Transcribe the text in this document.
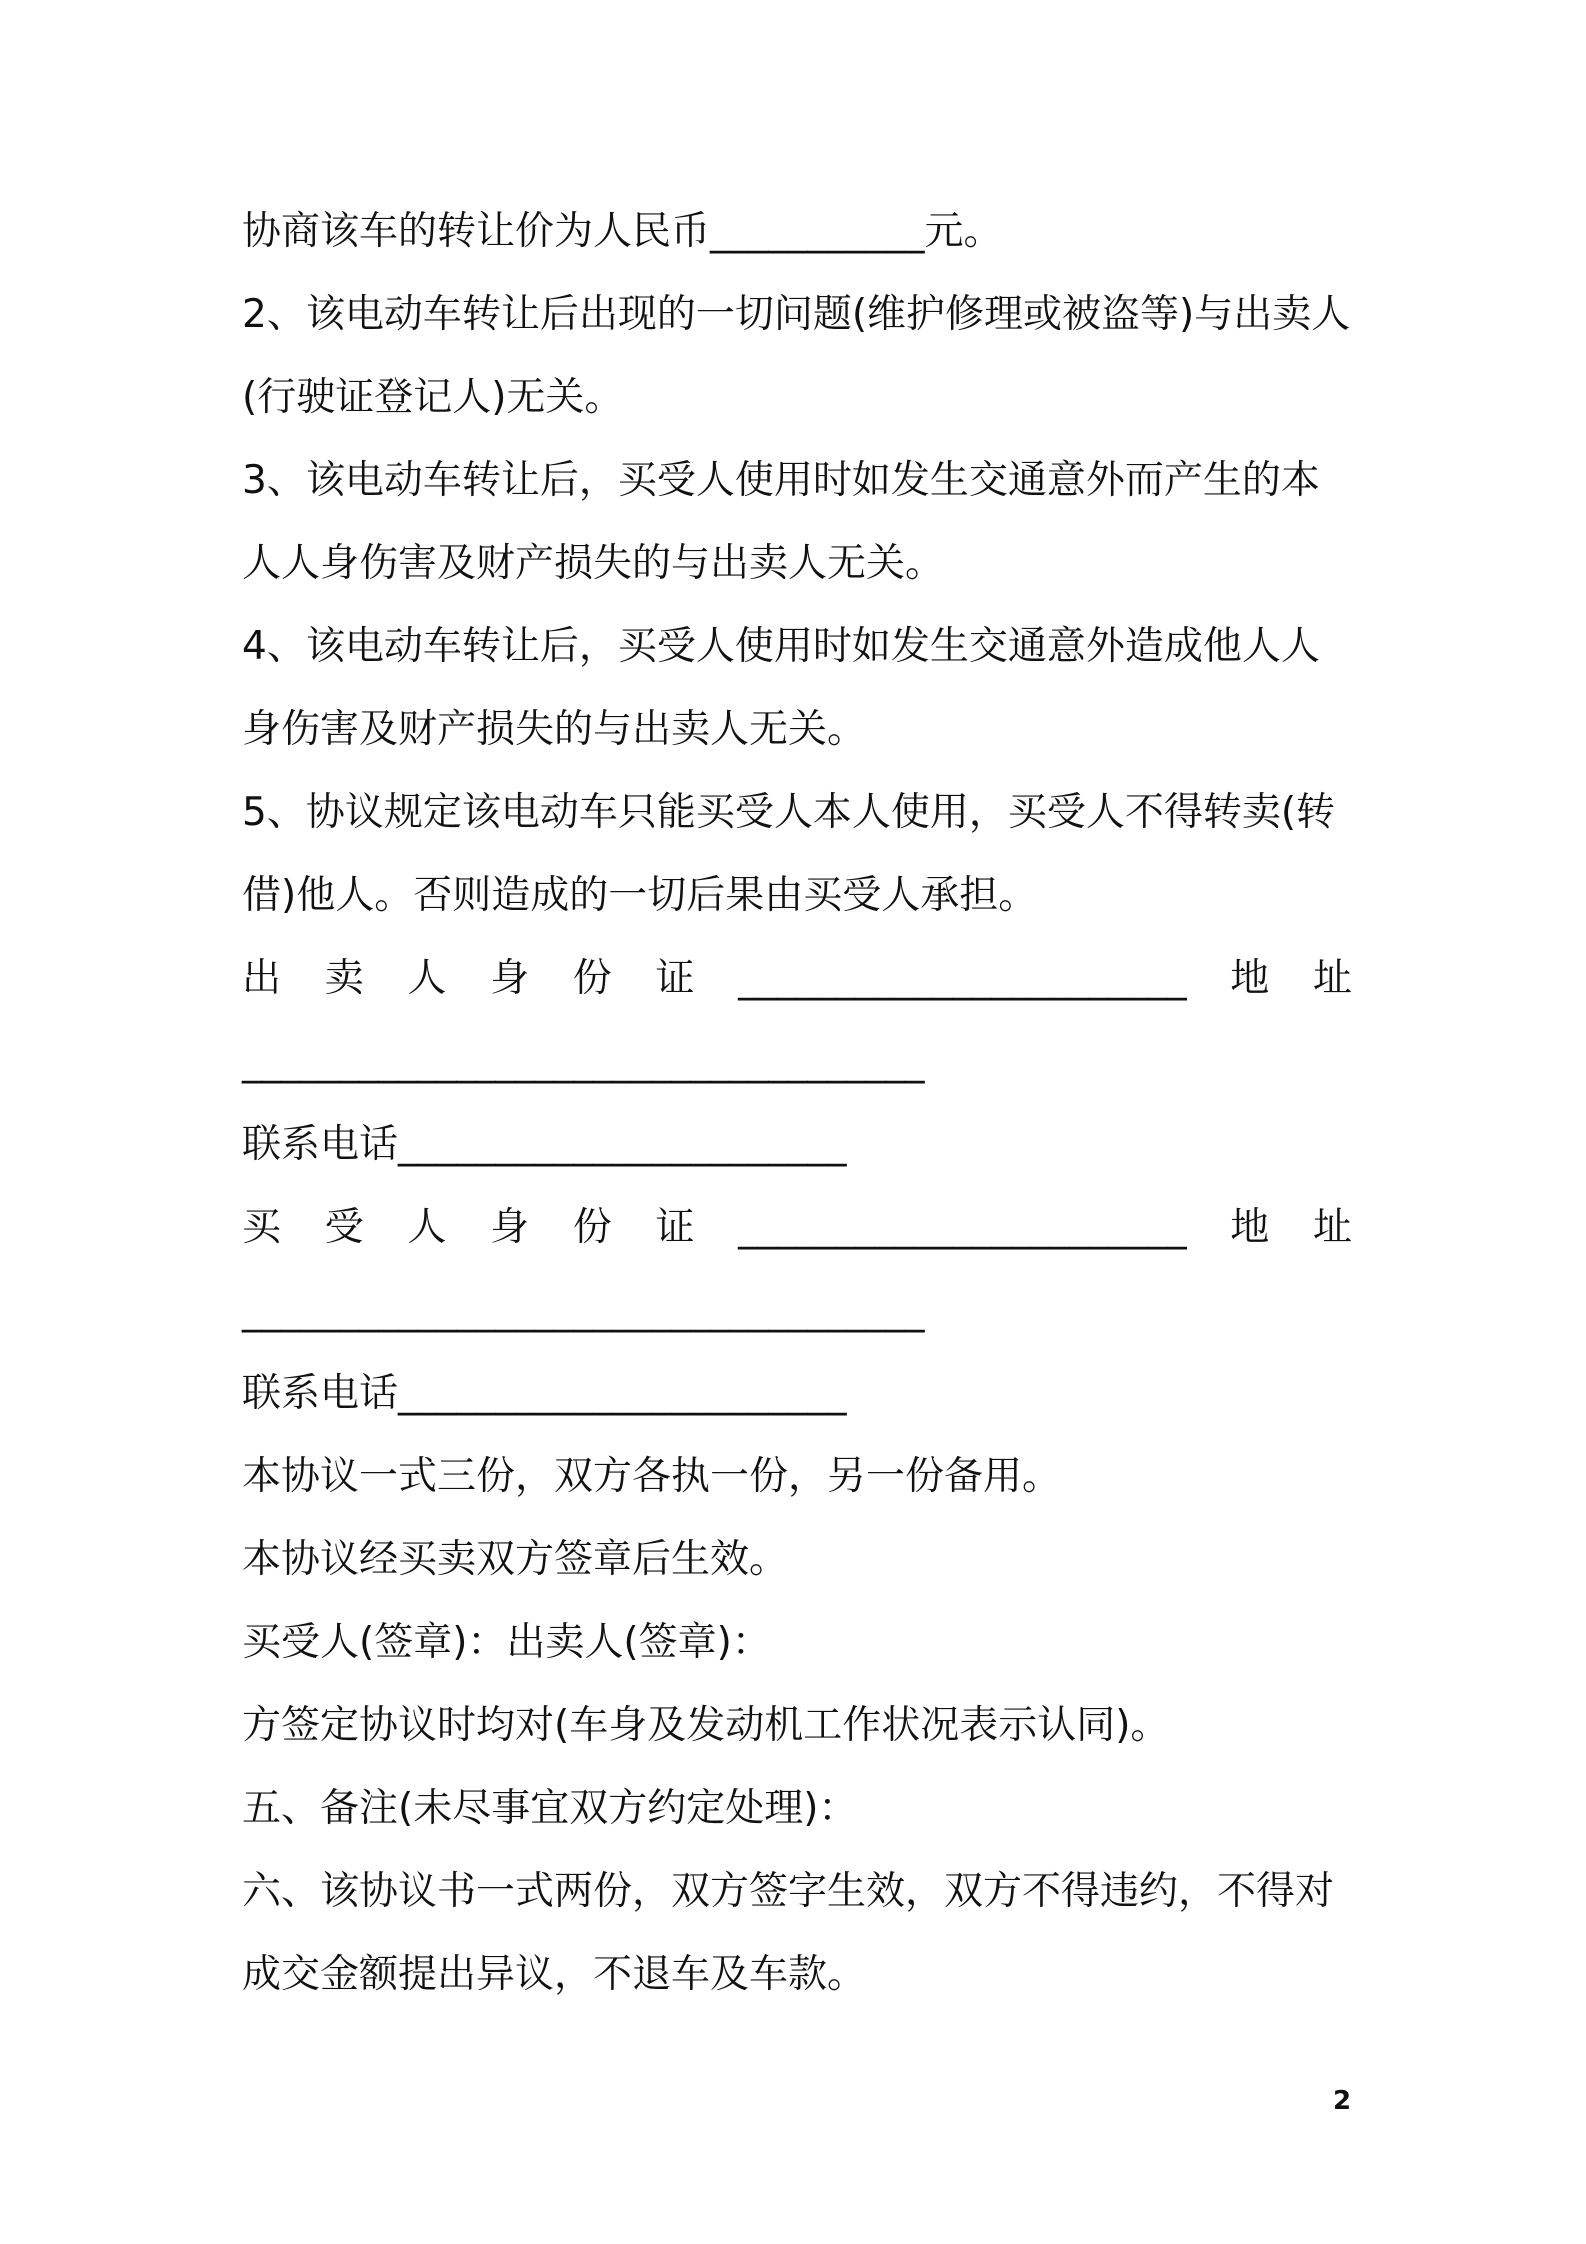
协商该车的转让价为人民币___________元。

2、该电动车转让后出现的一切问题(维护修理或被盗等)与出卖人(行驶证登记人)无关。

3、该电动车转让后，买受人使用时如发生交通意外而产生的本人人身伤害及财产损失的与出卖人无关。

4、该电动车转让后，买受人使用时如发生交通意外造成他人人身伤害及财产损失的与出卖人无关。

5、协议规定该电动车只能买受人本人使用，买受人不得转卖(转借)他人。否则造成的一切后果由买受人承担。

出 卖 人 身 份 证 _______________________ 地 址
___________________________________
联系电话_______________________
买 受 人 身 份 证 _______________________ 地 址
___________________________________
联系电话_______________________

本协议一式三份，双方各执一份，另一份备用。

本协议经买卖双方签章后生效。

买受人(签章)：出卖人(签章)：

方签定协议时均对(车身及发动机工作状况表示认同)。

五、备注(未尽事宜双方约定处理)：

六、该协议书一式两份，双方签字生效，双方不得违约，不得对成交金额提出异议，不退车及车款。

2
